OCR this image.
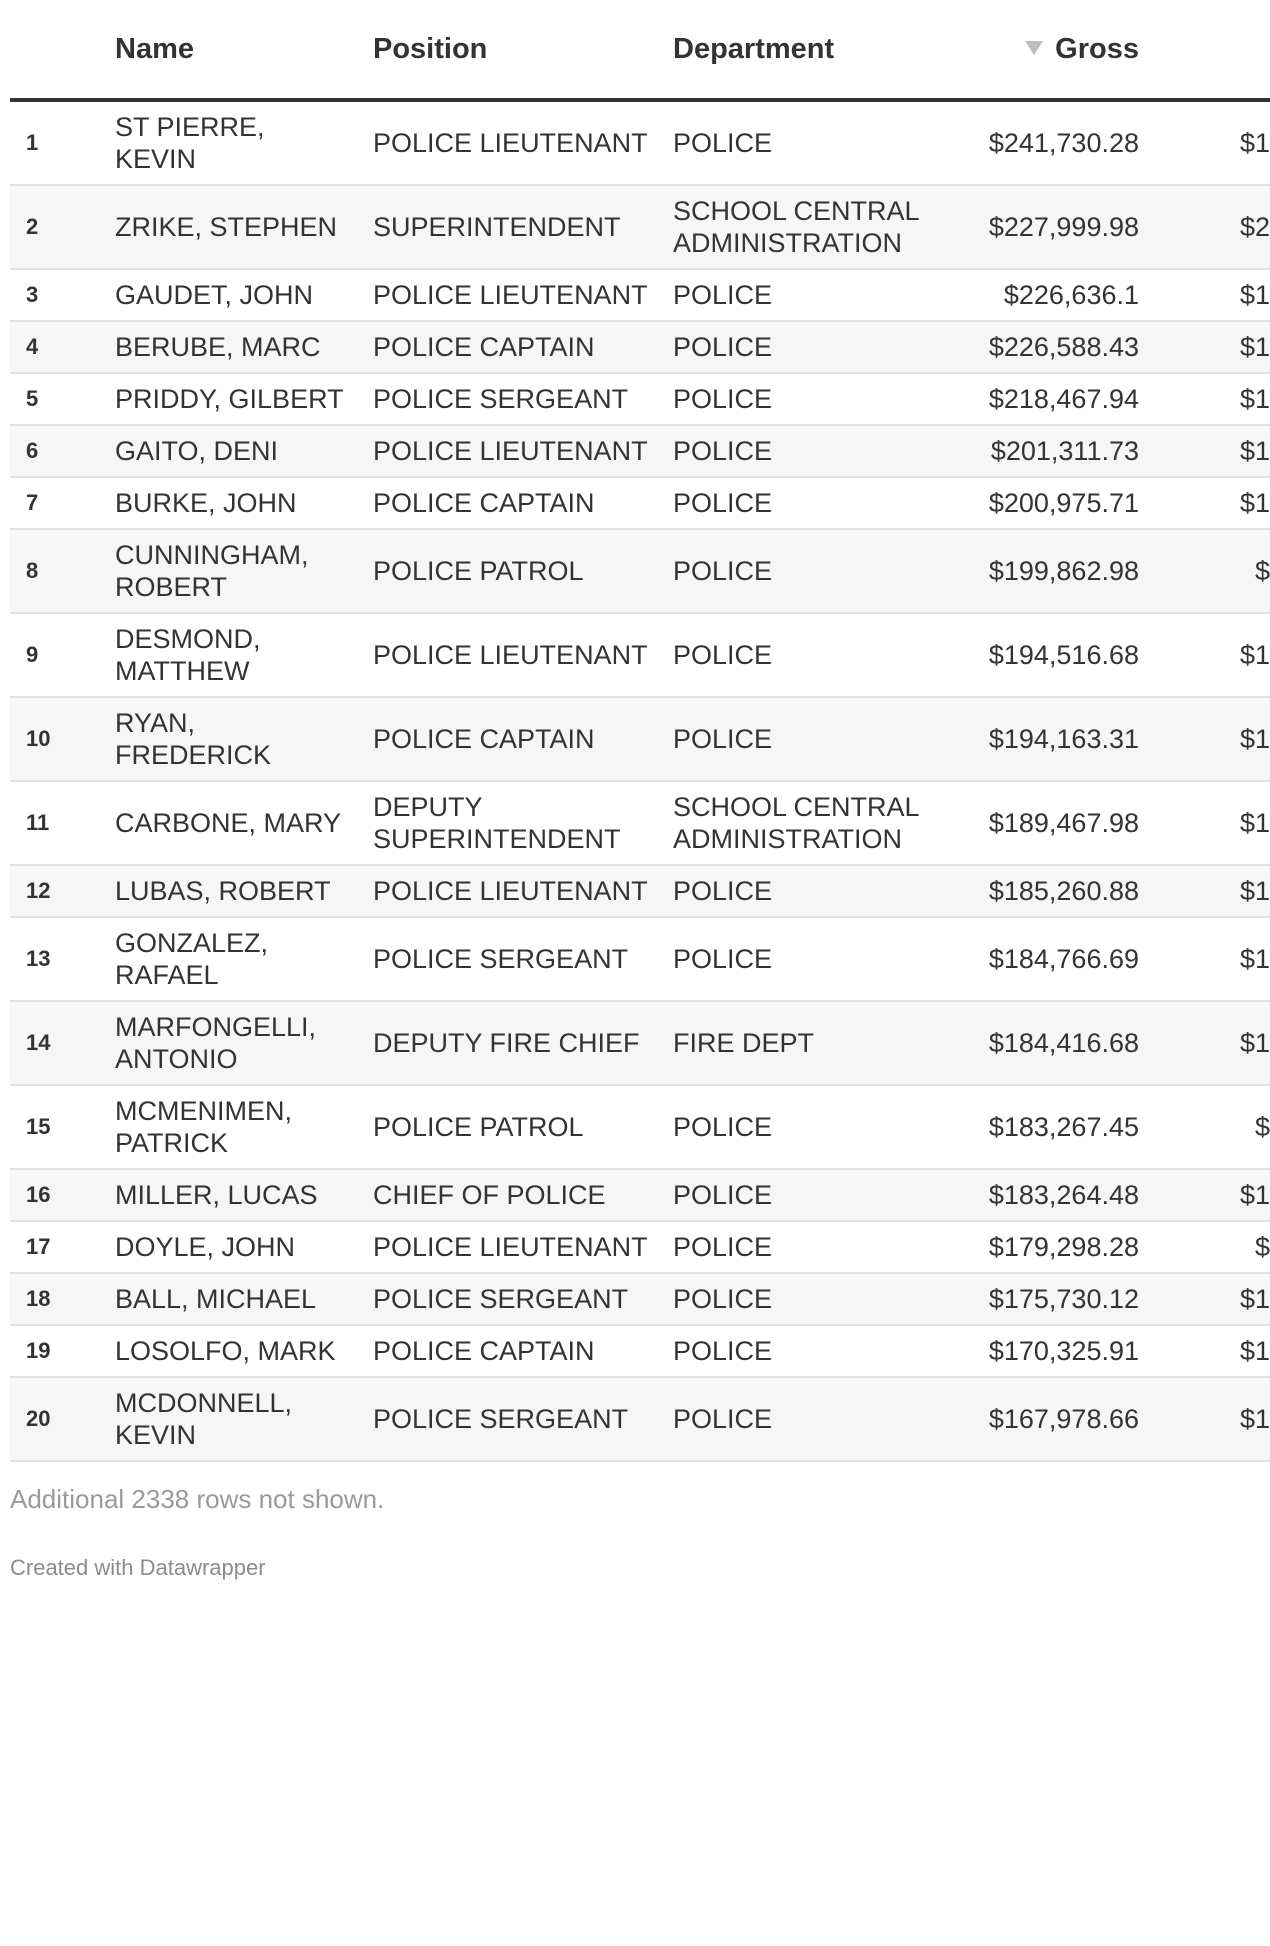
	Name	Position	Department	Gross	
1	ST PIERRE, KEVIN	POLICE LIEUTENANT	POLICE	$241,730.28	$1
2	ZRIKE, STEPHEN	SUPERINTENDENT	SCHOOL CENTRAL ADMINISTRATION	$227,999.98	$2
3	GAUDET, JOHN	POLICE LIEUTENANT	POLICE	$226,636.1	$1
4	BERUBE, MARC	POLICE CAPTAIN	POLICE	$226,588.43	$1
5	PRIDDY, GILBERT	POLICE SERGEANT	POLICE	$218,467.94	$1
6	GAITO, DENI	POLICE LIEUTENANT	POLICE	$201,311.73	$1
7	BURKE, JOHN	POLICE CAPTAIN	POLICE	$200,975.71	$1
8	CUNNINGHAM, ROBERT	POLICE PATROL	POLICE	$199,862.98	$
9	DESMOND, MATTHEW	POLICE LIEUTENANT	POLICE	$194,516.68	$1
10	RYAN, FREDERICK	POLICE CAPTAIN	POLICE	$194,163.31	$1
11	CARBONE, MARY	DEPUTY SUPERINTENDENT	SCHOOL CENTRAL ADMINISTRATION	$189,467.98	$1
12	LUBAS, ROBERT	POLICE LIEUTENANT	POLICE	$185,260.88	$1
13	GONZALEZ, RAFAEL	POLICE SERGEANT	POLICE	$184,766.69	$1
14	MARFONGELLI, ANTONIO	DEPUTY FIRE CHIEF	FIRE DEPT	$184,416.68	$1
15	MCMENIMEN, PATRICK	POLICE PATROL	POLICE	$183,267.45	$
16	MILLER, LUCAS	CHIEF OF POLICE	POLICE	$183,264.48	$1
17	DOYLE, JOHN	POLICE LIEUTENANT	POLICE	$179,298.28	$
18	BALL, MICHAEL	POLICE SERGEANT	POLICE	$175,730.12	$1
19	LOSOLFO, MARK	POLICE CAPTAIN	POLICE	$170,325.91	$1
20	MCDONNELL, KEVIN	POLICE SERGEANT	POLICE	$167,978.66	$1
Additional 2338 rows not shown.
Created with Datawrapper
